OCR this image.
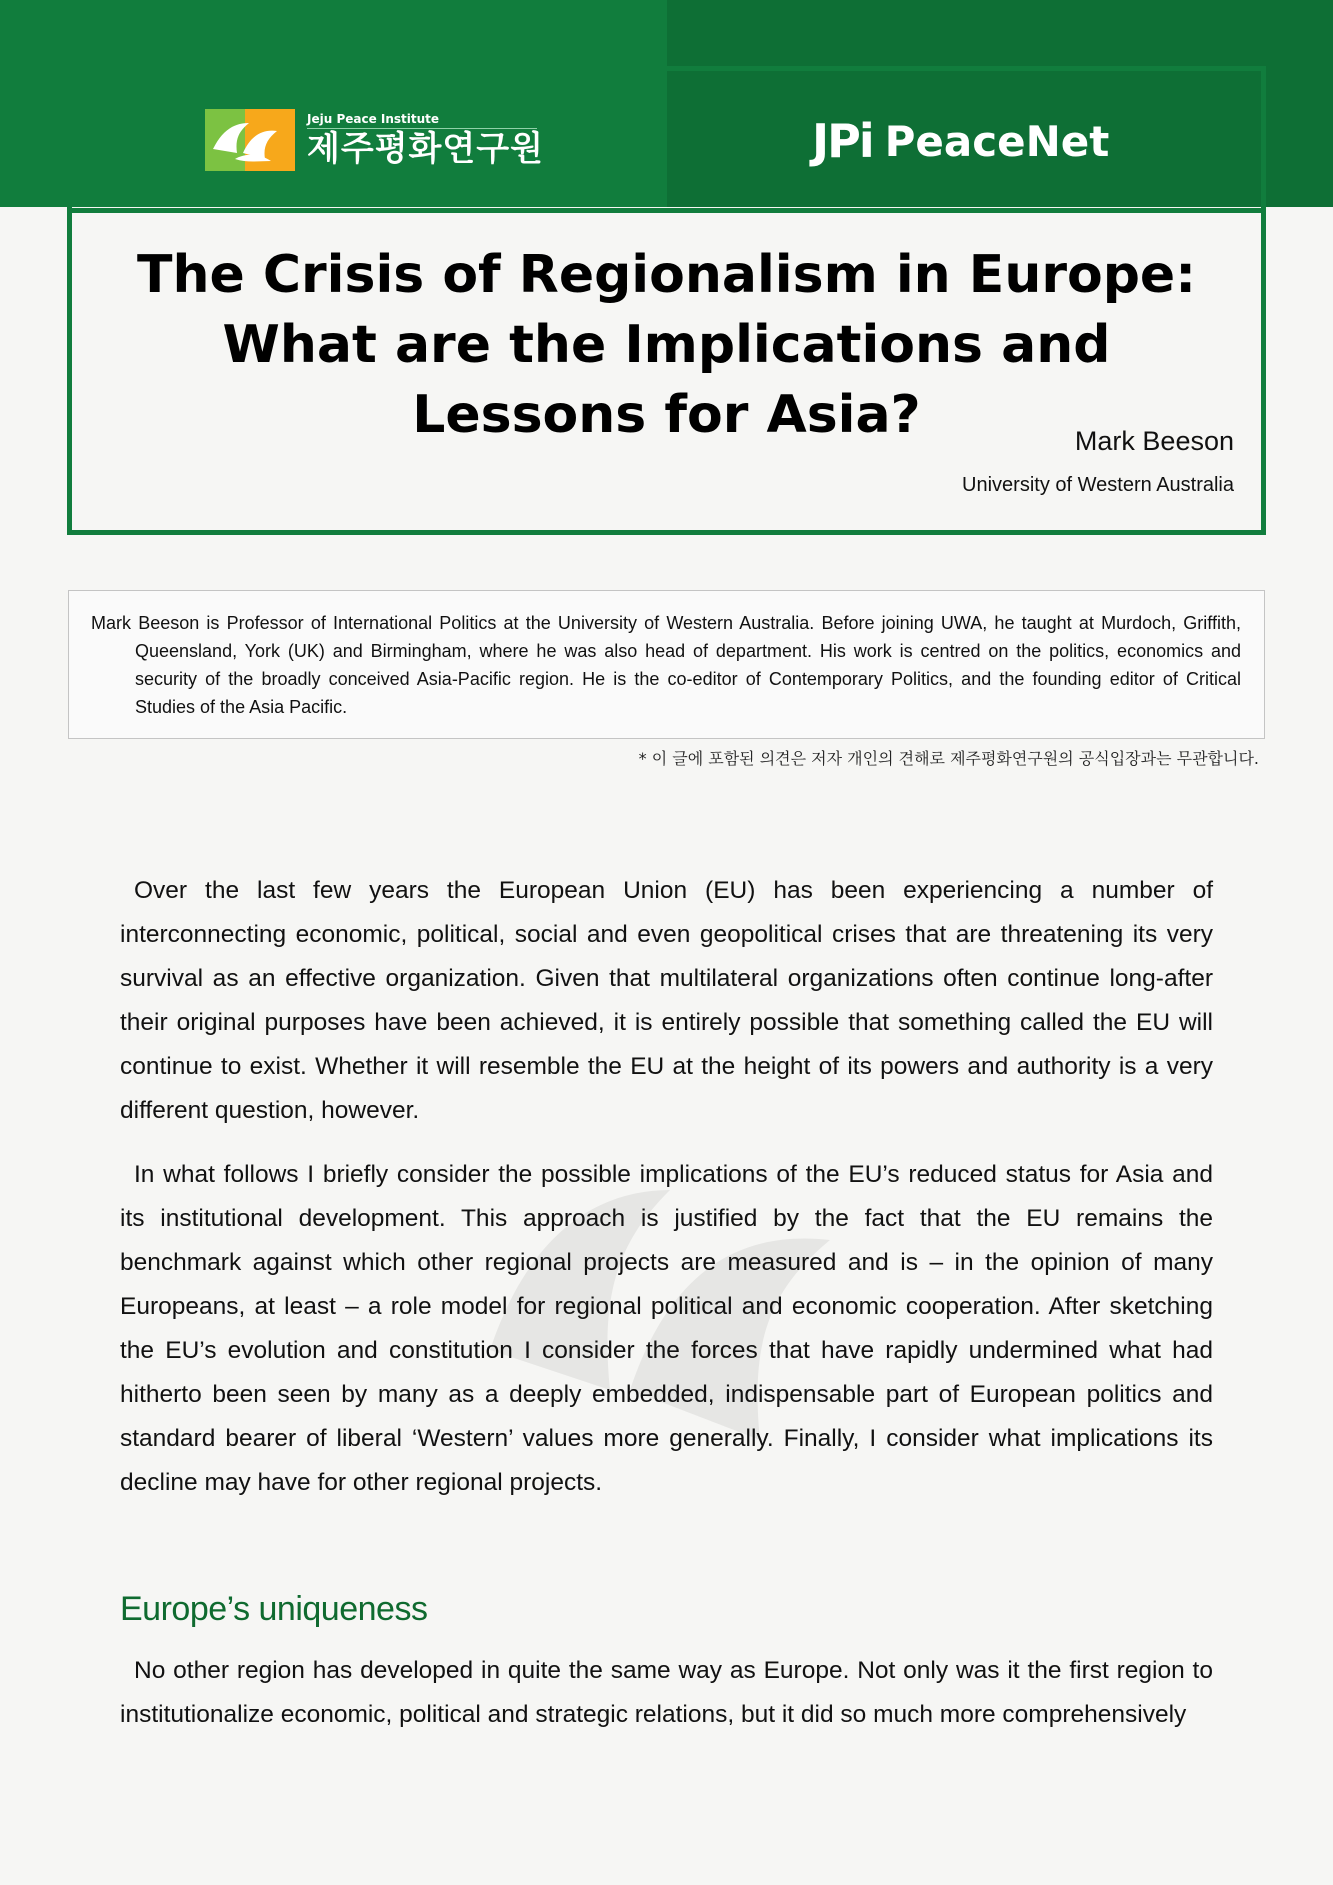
Jeju Peace Institute
제주평화연구원	JPi PeaceNet
The Crisis of Regionalism in Europe: What are the Implications and Lessons for Asia?	Mark Beeson
University of Western Australia
Mark Beeson is Professor of International Politics at the University of Western Australia. Before joining UWA, he taught at Murdoch, Griffith, Queensland, York (UK) and Birmingham, where he was also head of department. His work is centred on the politics, economics and security of the broadly conceived Asia-Pacific region. He is the co-editor of Contemporary Politics, and the founding editor of Critical Studies of the Asia Pacific.
* 이 글에 포함된 의견은 저자 개인의 견해로 제주평화연구원의 공식입장과는 무관합니다.

Over the last few years the European Union (EU) has been experiencing a number of interconnecting economic, political, social and even geopolitical crises that are threatening its very survival as an effective organization. Given that multilateral organizations often continue long-after their original purposes have been achieved, it is entirely possible that something called the EU will continue to exist. Whether it will resemble the EU at the height of its powers and authority is a very different question, however.

In what follows I briefly consider the possible implications of the EU’s reduced status for Asia and its institutional development. This approach is justified by the fact that the EU remains the benchmark against which other regional projects are measured and is – in the opinion of many Europeans, at least – a role model for regional political and economic cooperation. After sketching the EU’s evolution and constitution I consider the forces that have rapidly undermined what had hitherto been seen by many as a deeply embedded, indispensable part of European politics and standard bearer of liberal ‘Western’ values more generally. Finally, I consider what implications its decline may have for other regional projects.

Europe’s uniqueness

No other region has developed in quite the same way as Europe. Not only was it the first region to institutionalize economic, political and strategic relations, but it did so much more comprehensively
